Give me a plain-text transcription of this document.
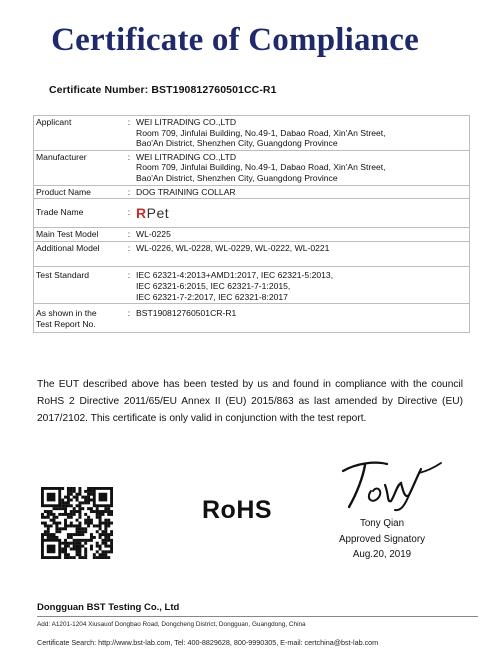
Certificate of Compliance
Certificate Number: BST190812760501CC-R1
Applicant	:	WEI LITRADING CO.,LTD
Room 709, Jinfulai Building, No.49-1, Dabao Road, Xin'An Street,
Bao'An District, Shenzhen City, Guangdong Province

Manufacturer	:	WEI LITRADING CO.,LTD
Room 709, Jinfulai Building, No.49-1, Dabao Road, Xin'An Street,
Bao'An District, Shenzhen City, Guangdong Province

Product Name	:	DOG TRAINING COLLAR
Trade Name	:	RPet
Main Test Model	:	WL-0225
Additional Model	:	WL-0226, WL-0228, WL-0229, WL-0222, WL-0221
Test Standard	:	IEC 62321-4:2013+AMD1:2017, IEC 62321-5:2013,
IEC 62321-6:2015, IEC 62321-7-1:2015,
IEC 62321-7-2:2017, IEC 62321-8:2017

As shown in the
Test Report No.	:	BST190812760501CR-R1
The EUT described above has been tested by us and found in compliance with the council RoHS 2 Directive 2011/65/EU Annex II (EU) 2015/863 as last amended by Directive (EU) 2017/2102. This certificate is only valid in conjunction with the test report.
RoHS	Tony Qian
Approved Signatory
Aug.20, 2019
Dongguan BST Testing Co., Ltd
Add: A1201-1204 Xiusauof Dongbao Road, Dongcheng District, Dongguan, Guangdong, China
Certificate Search: http://www.bst-lab.com, Tel: 400-8829628, 800-9990305, E-mail: certchina@bst-lab.com
